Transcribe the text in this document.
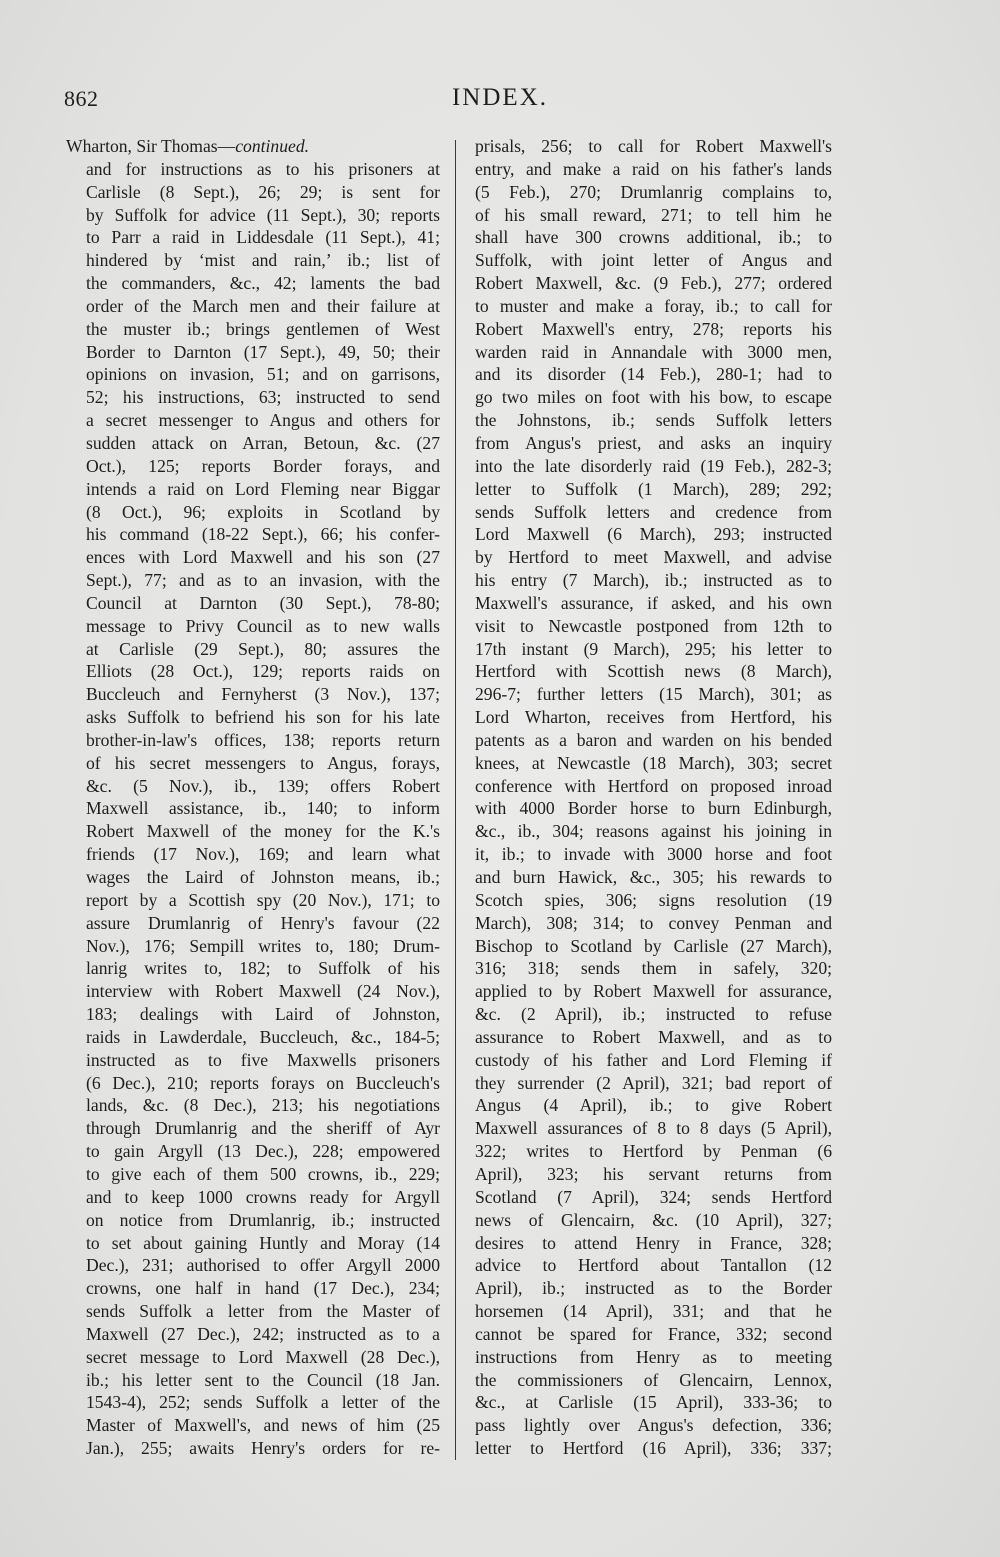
862	INDEX.
Wharton, Sir Thomas—continued.
and for instructions as to his prisoners at
Carlisle (8 Sept.), 26; 29; is sent for
by Suffolk for advice (11 Sept.), 30; reports
to Parr a raid in Liddesdale (11 Sept.), 41;
hindered by ‘mist and rain,’ ib.; list of
the commanders, &c., 42; laments the bad
order of the March men and their failure at
the muster ib.; brings gentlemen of West
Border to Darnton (17 Sept.), 49, 50; their
opinions on invasion, 51; and on garrisons,
52; his instructions, 63; instructed to send
a secret messenger to Angus and others for
sudden attack on Arran, Betoun, &c. (27
Oct.), 125; reports Border forays, and
intends a raid on Lord Fleming near Biggar
(8 Oct.), 96; exploits in Scotland by
his command (18-22 Sept.), 66; his confer-
ences with Lord Maxwell and his son (27
Sept.), 77; and as to an invasion, with the
Council at Darnton (30 Sept.), 78-80;
message to Privy Council as to new walls
at Carlisle (29 Sept.), 80; assures the
Elliots (28 Oct.), 129; reports raids on
Buccleuch and Fernyherst (3 Nov.), 137;
asks Suffolk to befriend his son for his late
brother-in-law's offices, 138; reports return
of his secret messengers to Angus, forays,
&c. (5 Nov.), ib., 139; offers Robert
Maxwell assistance, ib., 140; to inform
Robert Maxwell of the money for the K.'s
friends (17 Nov.), 169; and learn what
wages the Laird of Johnston means, ib.;
report by a Scottish spy (20 Nov.), 171; to
assure Drumlanrig of Henry's favour (22
Nov.), 176; Sempill writes to, 180; Drum-
lanrig writes to, 182; to Suffolk of his
interview with Robert Maxwell (24 Nov.),
183; dealings with Laird of Johnston,
raids in Lawderdale, Buccleuch, &c., 184-5;
instructed as to five Maxwells prisoners
(6 Dec.), 210; reports forays on Buccleuch's
lands, &c. (8 Dec.), 213; his negotiations
through Drumlanrig and the sheriff of Ayr
to gain Argyll (13 Dec.), 228; empowered
to give each of them 500 crowns, ib., 229;
and to keep 1000 crowns ready for Argyll
on notice from Drumlanrig, ib.; instructed
to set about gaining Huntly and Moray (14
Dec.), 231; authorised to offer Argyll 2000
crowns, one half in hand (17 Dec.), 234;
sends Suffolk a letter from the Master of
Maxwell (27 Dec.), 242; instructed as to a
secret message to Lord Maxwell (28 Dec.),
ib.; his letter sent to the Council (18 Jan.
1543-4), 252; sends Suffolk a letter of the
Master of Maxwell's, and news of him (25
Jan.), 255; awaits Henry's orders for re-
prisals, 256; to call for Robert Maxwell's
entry, and make a raid on his father's lands
(5 Feb.), 270; Drumlanrig complains to,
of his small reward, 271; to tell him he
shall have 300 crowns additional, ib.; to
Suffolk, with joint letter of Angus and
Robert Maxwell, &c. (9 Feb.), 277; ordered
to muster and make a foray, ib.; to call for
Robert Maxwell's entry, 278; reports his
warden raid in Annandale with 3000 men,
and its disorder (14 Feb.), 280-1; had to
go two miles on foot with his bow, to escape
the Johnstons, ib.; sends Suffolk letters
from Angus's priest, and asks an inquiry
into the late disorderly raid (19 Feb.), 282-3;
letter to Suffolk (1 March), 289; 292;
sends Suffolk letters and credence from
Lord Maxwell (6 March), 293; instructed
by Hertford to meet Maxwell, and advise
his entry (7 March), ib.; instructed as to
Maxwell's assurance, if asked, and his own
visit to Newcastle postponed from 12th to
17th instant (9 March), 295; his letter to
Hertford with Scottish news (8 March),
296-7; further letters (15 March), 301; as
Lord Wharton, receives from Hertford, his
patents as a baron and warden on his bended
knees, at Newcastle (18 March), 303; secret
conference with Hertford on proposed inroad
with 4000 Border horse to burn Edinburgh,
&c., ib., 304; reasons against his joining in
it, ib.; to invade with 3000 horse and foot
and burn Hawick, &c., 305; his rewards to
Scotch spies, 306; signs resolution (19
March), 308; 314; to convey Penman and
Bischop to Scotland by Carlisle (27 March),
316; 318; sends them in safely, 320;
applied to by Robert Maxwell for assurance,
&c. (2 April), ib.; instructed to refuse
assurance to Robert Maxwell, and as to
custody of his father and Lord Fleming if
they surrender (2 April), 321; bad report of
Angus (4 April), ib.; to give Robert
Maxwell assurances of 8 to 8 days (5 April),
322; writes to Hertford by Penman (6
April), 323; his servant returns from
Scotland (7 April), 324; sends Hertford
news of Glencairn, &c. (10 April), 327;
desires to attend Henry in France, 328;
advice to Hertford about Tantallon (12
April), ib.; instructed as to the Border
horsemen (14 April), 331; and that he
cannot be spared for France, 332; second
instructions from Henry as to meeting
the commissioners of Glencairn, Lennox,
&c., at Carlisle (15 April), 333-36; to
pass lightly over Angus's defection, 336;
letter to Hertford (16 April), 336; 337;
